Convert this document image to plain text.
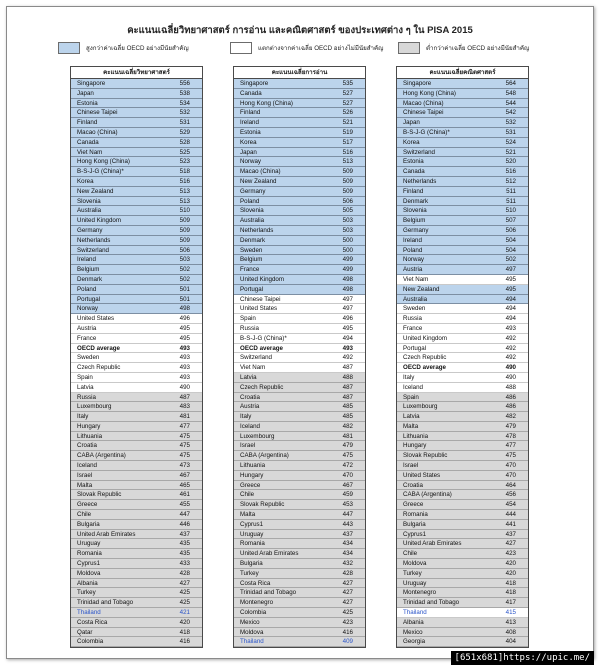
คะแนนเฉลี่ยวิทยาศาสตร์ การอ่าน และคณิตศาสตร์ ของประเทศต่าง ๆ ใน PISA 2015
สูงกว่าค่าเฉลี่ย OECD อย่างมีนัยสำคัญ	แตกต่างจากค่าเฉลี่ย OECD อย่างไม่มีนัยสำคัญ	ต่ำกว่าค่าเฉลี่ย OECD อย่างมีนัยสำคัญ
คะแนนเฉลี่ยวิทยาศาสตร์
Singapore	556
Japan	538
Estonia	534
Chinese Taipei	532
Finland	531
Macao (China)	529
Canada	528
Viet Nam	525
Hong Kong (China)	523
B-S-J-G (China)*	518
Korea	516
New Zealand	513
Slovenia	513
Australia	510
United Kingdom	509
Germany	509
Netherlands	509
Switzerland	506
Ireland	503
Belgium	502
Denmark	502
Poland	501
Portugal	501
Norway	498
United States	496
Austria	495
France	495
OECD average	493
Sweden	493
Czech Republic	493
Spain	493
Latvia	490
Russia	487
Luxembourg	483
Italy	481
Hungary	477
Lithuania	475
Croatia	475
CABA (Argentina)	475
Iceland	473
Israel	467
Malta	465
Slovak Republic	461
Greece	455
Chile	447
Bulgaria	446
United Arab Emirates	437
Uruguay	435
Romania	435
Cyprus1	433
Moldova	428
Albania	427
Turkey	425
Trinidad and Tobago	425
Thailand	421
Costa Rica	420
Qatar	418
Colombia	416
คะแนนเฉลี่ยการอ่าน
Singapore	535
Canada	527
Hong Kong (China)	527
Finland	526
Ireland	521
Estonia	519
Korea	517
Japan	516
Norway	513
Macao (China)	509
New Zealand	509
Germany	509
Poland	506
Slovenia	505
Australia	503
Netherlands	503
Denmark	500
Sweden	500
Belgium	499
France	499
United Kingdom	498
Portugal	498
Chinese Taipei	497
United States	497
Spain	496
Russia	495
B-S-J-G (China)*	494
OECD average	493
Switzerland	492
Viet Nam	487
Latvia	488
Czech Republic	487
Croatia	487
Austria	485
Italy	485
Iceland	482
Luxembourg	481
Israel	479
CABA (Argentina)	475
Lithuania	472
Hungary	470
Greece	467
Chile	459
Slovak Republic	453
Malta	447
Cyprus1	443
Uruguay	437
Romania	434
United Arab Emirates	434
Bulgaria	432
Turkey	428
Costa Rica	427
Trinidad and Tobago	427
Montenegro	427
Colombia	425
Mexico	423
Moldova	416
Thailand	409
คะแนนเฉลี่ยคณิตศาสตร์
Singapore	564
Hong Kong (China)	548
Macao (China)	544
Chinese Taipei	542
Japan	532
B-S-J-G (China)*	531
Korea	524
Switzerland	521
Estonia	520
Canada	516
Netherlands	512
Finland	511
Denmark	511
Slovenia	510
Belgium	507
Germany	506
Ireland	504
Poland	504
Norway	502
Austria	497
Viet Nam	495
New Zealand	495
Australia	494
Sweden	494
Russia	494
France	493
United Kingdom	492
Portugal	492
Czech Republic	492
OECD average	490
Italy	490
Iceland	488
Spain	486
Luxembourg	486
Latvia	482
Malta	479
Lithuania	478
Hungary	477
Slovak Republic	475
Israel	470
United States	470
Croatia	464
CABA (Argentina)	456
Greece	454
Romania	444
Bulgaria	441
Cyprus1	437
United Arab Emirates	427
Chile	423
Moldova	420
Turkey	420
Uruguay	418
Montenegro	418
Trinidad and Tobago	417
Thailand	415
Albania	413
Mexico	408
Georgia	404
[651x681]https://upic.me/
